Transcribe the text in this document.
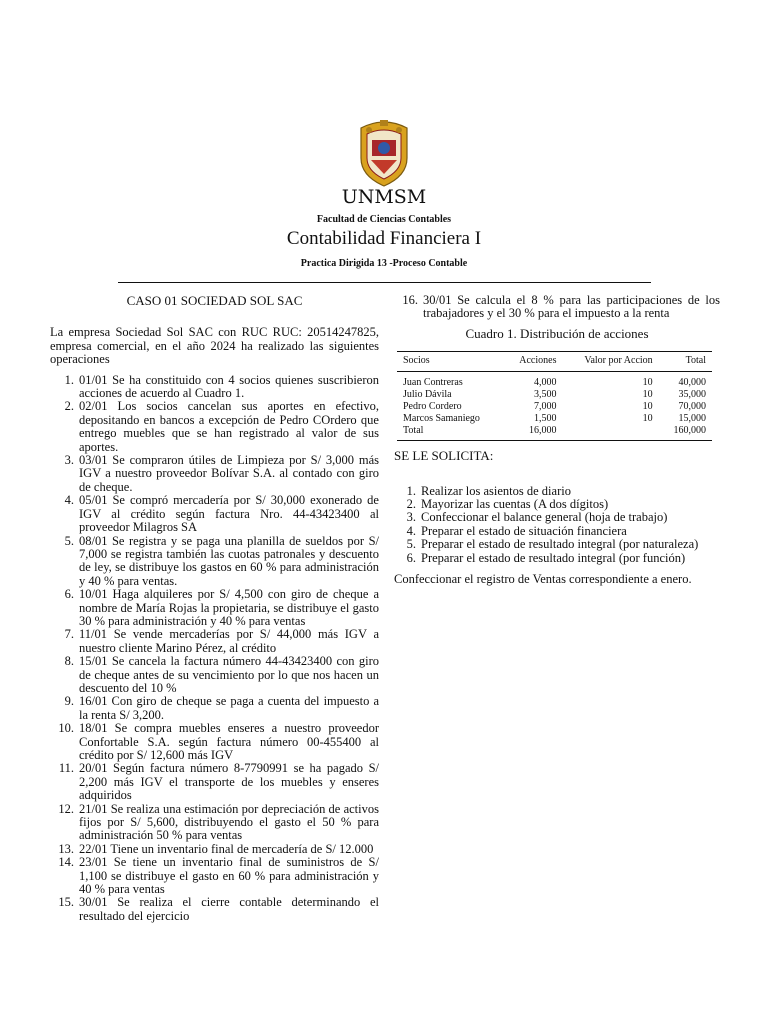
UNMSM
Facultad de Ciencias Contables
Contabilidad Financiera I
Practica Dirigida 13 -Proceso Contable
CASO 01 SOCIEDAD SOL SAC
La empresa Sociedad Sol SAC con RUC RUC: 20514247825, empresa comercial, en el año 2024 ha realizado las siguientes operaciones
1. 01/01 Se ha constituido con 4 socios quienes suscribieron acciones de acuerdo al Cuadro 1.
2. 02/01 Los socios cancelan sus aportes en efectivo, depositando en bancos a excepción de Pedro COrdero que entrego muebles que se han registrado al valor de sus aportes.
3. 03/01 Se compraron útiles de Limpieza por S/ 3,000 más IGV a nuestro proveedor Bolívar S.A. al contado con giro de cheque.
4. 05/01 Se compró mercadería por S/ 30,000 exonerado de IGV al crédito según factura Nro. 44-43423400 al proveedor Milagros SA
5. 08/01 Se registra y se paga una planilla de sueldos por S/ 7,000 se registra también las cuotas patronales y descuento de ley, se distribuye los gastos en 60 % para administración y 40 % para ventas.
6. 10/01 Haga alquileres por S/ 4,500 con giro de cheque a nombre de María Rojas la propietaria, se distribuye el gasto 30 % para administración y 40 % para ventas
7. 11/01 Se vende mercaderías por S/ 44,000 más IGV a nuestro cliente Marino Pérez, al crédito
8. 15/01 Se cancela la factura número 44-43423400 con giro de cheque antes de su vencimiento por lo que nos hacen un descuento del 10 %
9. 16/01 Con giro de cheque se paga a cuenta del impuesto a la renta S/ 3,200.
10. 18/01 Se compra muebles enseres a nuestro proveedor Confortable S.A. según factura número 00-455400 al crédito por S/ 12,600 más IGV
11. 20/01 Según factura número 8-7790991 se ha pagado S/ 2,200 más IGV el transporte de los muebles y enseres adquiridos
12. 21/01 Se realiza una estimación por depreciación de activos fijos por S/ 5,600, distribuyendo el gasto el 50 % para administración 50 % para ventas
13. 22/01 Tiene un inventario final de mercadería de S/ 12.000
14. 23/01 Se tiene un inventario final de suministros de S/ 1,100 se distribuye el gasto en 60 % para administración y 40 % para ventas
15. 30/01 Se realiza el cierre contable determinando el resultado del ejercicio
16. 30/01 Se calcula el 8 % para las participaciones de los trabajadores y el 30 % para el impuesto a la renta
Cuadro 1. Distribución de acciones
Socios	Acciones	Valor por Accion	Total
Juan Contreras	4,000	10	40,000
Julio Dávila	3,500	10	35,000
Pedro Cordero	7,000	10	70,000
Marcos Samaniego	1,500	10	15,000
Total	16,000		160,000
SE LE SOLICITA:
1. Realizar los asientos de diario
2. Mayorizar las cuentas (A dos dígitos)
3. Confeccionar el balance general (hoja de trabajo)
4. Preparar el estado de situación financiera
5. Preparar el estado de resultado integral (por naturaleza)
6. Preparar el estado de resultado integral (por función)
Confeccionar el registro de Ventas correspondiente a enero.
